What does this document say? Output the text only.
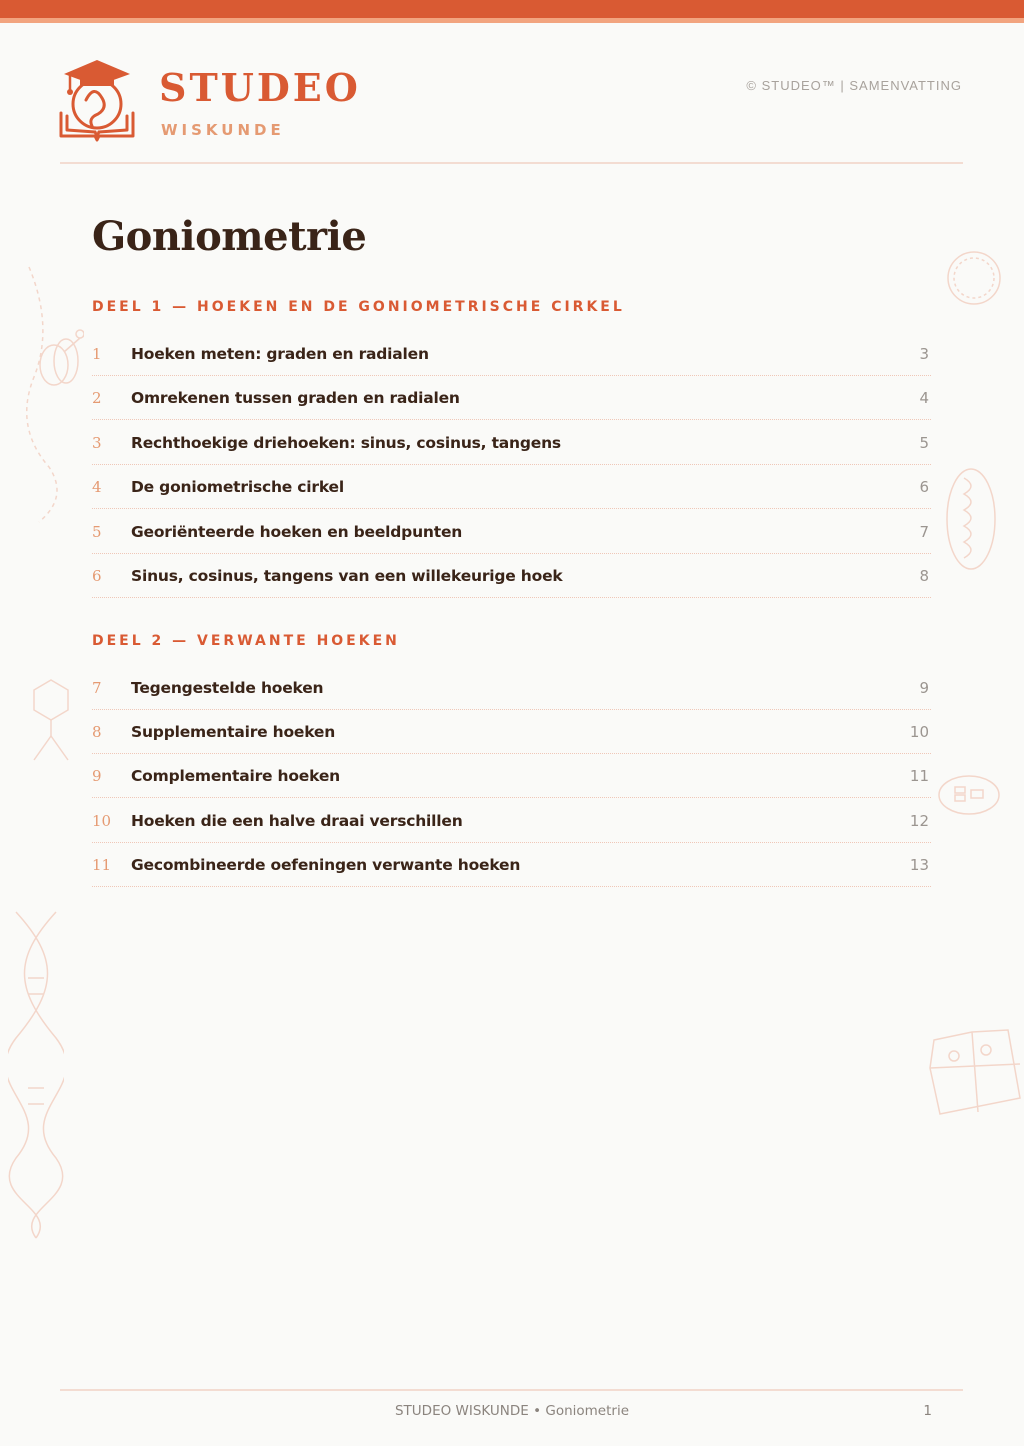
STUDEO
WISKUNDE
© STUDEO™ | SAMENVATTING
Goniometrie
DEEL 1 — HOEKEN EN DE GONIOMETRISCHE CIRKEL
1 Hoeken meten: graden en radialen	3
2 Omrekenen tussen graden en radialen	4
3 Rechthoekige driehoeken: sinus, cosinus, tangens	5
4 De goniometrische cirkel	6
5 Georiënteerde hoeken en beeldpunten	7
6 Sinus, cosinus, tangens van een willekeurige hoek	8
DEEL 2 — VERWANTE HOEKEN
7 Tegengestelde hoeken	9
8 Supplementaire hoeken	10
9 Complementaire hoeken	11
10 Hoeken die een halve draai verschillen	12
11 Gecombineerde oefeningen verwante hoeken	13
STUDEO WISKUNDE • Goniometrie	1
